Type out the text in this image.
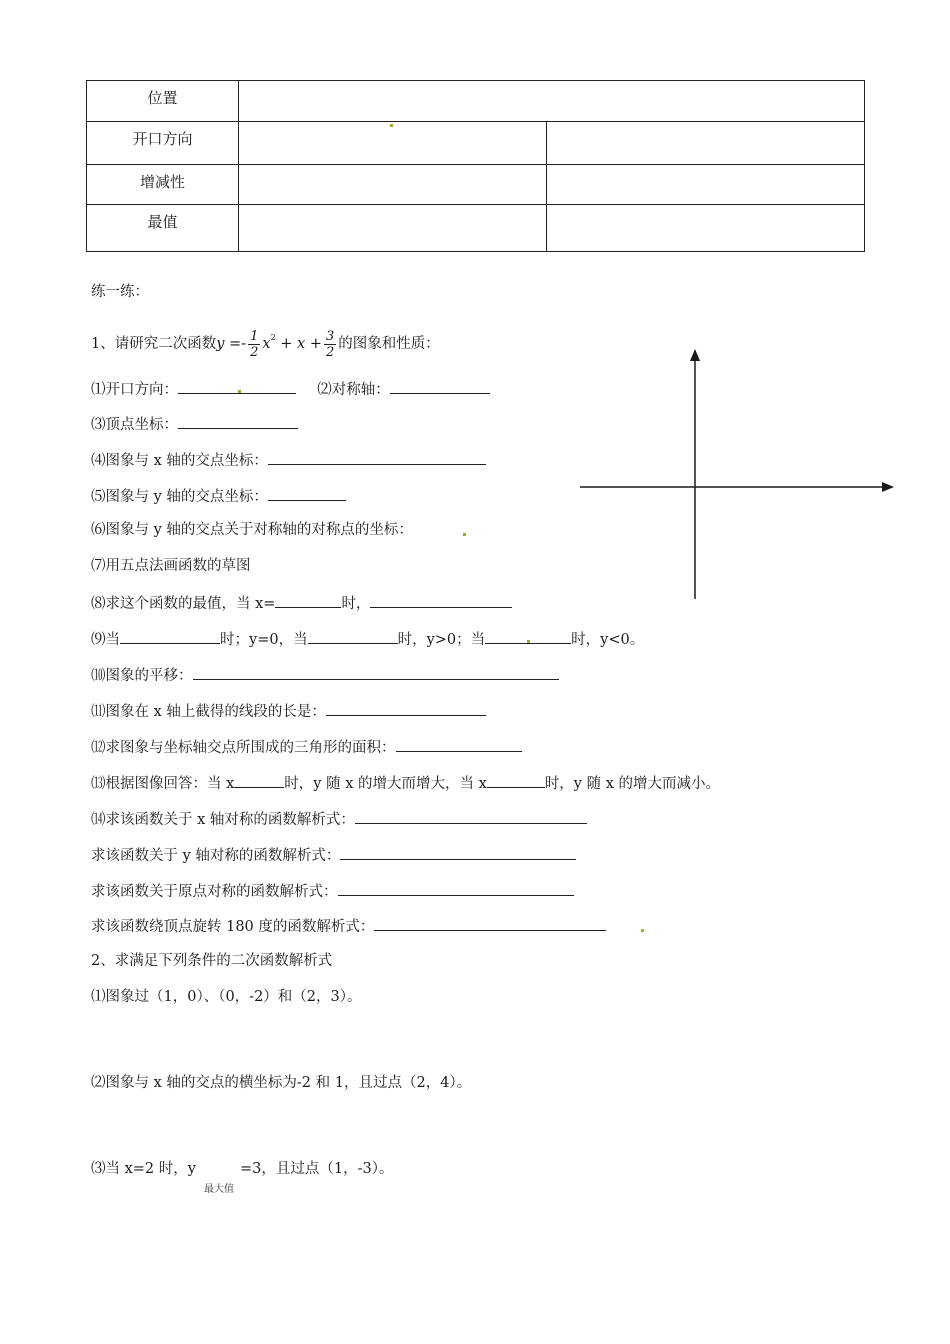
位置		
开口方向		
增减性		
最值		
练一练：
1、请研究二次函数$y =- \frac{1}{2} x^2 + x + \frac{3}{2}$ 的图象和性质：
⑴开口方向：	⑵对称轴：
⑶顶点坐标：
⑷图象与 x 轴的交点坐标：
⑸图象与 y 轴的交点坐标：
⑹图象与 y 轴的交点关于对称轴的对称点的坐标：
⑺用五点法画函数的草图
⑻求这个函数的最值，当 x=	时，
⑼当	时；y=0，当	时，y>0；当	时，y<0。
⑽图象的平移：
⑾图象在 x 轴上截得的线段的长是：
⑿求图象与坐标轴交点所围成的三角形的面积：
⒀根据图像回答：当 x	时，y 随 x 的增大而增大，当 x	时，y 随 x 的增大而减小。
⒁求该函数关于 x 轴对称的函数解析式：
求该函数关于 y 轴对称的函数解析式：
求该函数关于原点对称的函数解析式：
求该函数绕顶点旋转 180 度的函数解析式：
2、求满足下列条件的二次函数解析式
⑴图象过（1，0）、（0，-2）和（2，3）。
⑵图象与 x 轴的交点的横坐标为-2 和 1，且过点（2，4）。
⑶当 x=2 时，y	=3，且过点（1，-3）。
最大值
